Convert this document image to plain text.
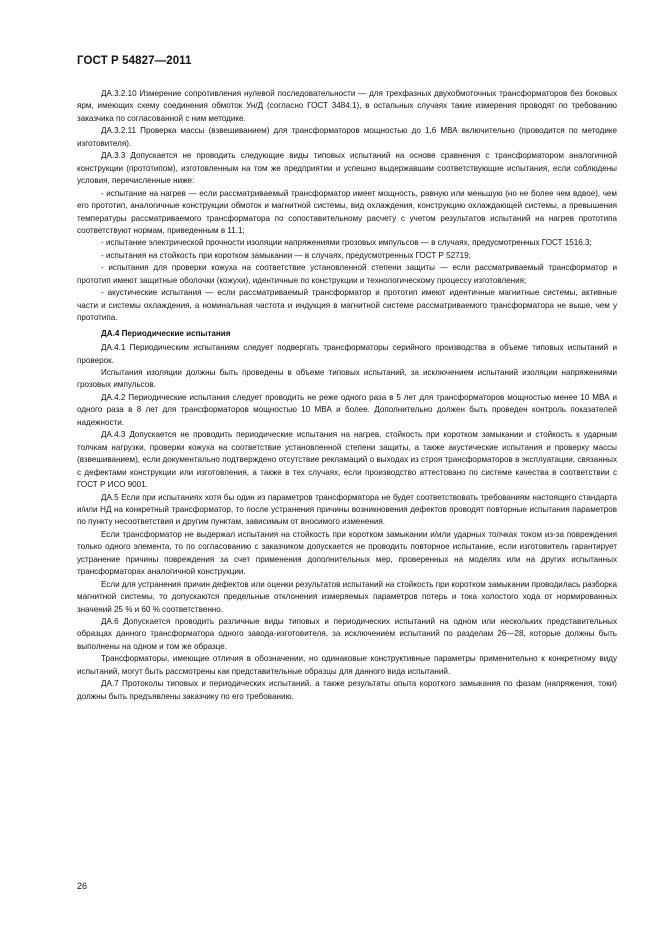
ГОСТ Р 54827—2011

ДА.3.2.10 Измерение сопротивления нулевой последовательности — для трехфазных двухобмоточных трансформаторов без боковых ярм, имеющих схему соединения обмоток Ун/Д (согласно ГОСТ 3484.1), в остальных случаях такие измерения проводят по требованию заказчика по согласованной с ним методике.

ДА.3.2.11 Проверка массы (взвешиванием) для трансформаторов мощностью до 1,6 МВА включительно (проводится по методике изготовителя).

ДА.3.3 Допускается не проводить следующие виды типовых испытаний на основе сравнения с трансформатором аналогичной конструкции (прототипом), изготовленным на том же предприятии и успешно выдержавшим соответствующие испытания, если соблюдены условия, перечисленные ниже:

- испытание на нагрев — если рассматриваемый трансформатор имеет мощность, равную или меньшую (но не более чем вдвое), чем его прототип, аналогичные конструкции обмоток и магнитной системы, вид охлаждения, конструкцию охлаждающей системы, а превышения температуры рассматриваемого трансформатора по сопоставительному расчету с учетом результатов испытаний на нагрев прототипа соответствуют нормам, приведенным в 11.1;

- испытание электрической прочности изоляции напряжениями грозовых импульсов — в случаях, предусмотренных ГОСТ 1516.3;

- испытания на стойкость при коротком замыкании — в случаях, предусмотренных ГОСТ Р 52719;

- испытания для проверки кожуха на соответствие установленной степени защиты — если рассматриваемый трансформатор и прототип имеют защитные оболочки (кожухи), идентичные по конструкции и технологическому процессу изготовления;

- акустические испытания — если рассматриваемый трансформатор и прототип имеют идентичные магнитные системы, активные части и системы охлаждения, а номинальная частота и индукция в магнитной системе рассматриваемого трансформатора не выше, чем у прототипа.

ДА.4 Периодические испытания

ДА.4.1 Периодическим испытаниям следует подвергать трансформаторы серийного производства в объеме типовых испытаний и проверок.

Испытания изоляции должны быть проведены в объеме типовых испытаний, за исключением испытаний изоляции напряжениями грозовых импульсов.

ДА.4.2 Периодические испытания следует проводить не реже одного раза в 5 лет для трансформаторов мощностью менее 10 МВА и одного раза в 8 лет для трансформаторов мощностью 10 МВА и более. Дополнительно должен быть проведен контроль показателей надежности.

ДА.4.3 Допускается не проводить периодические испытания на нагрев, стойкость при коротком замыкании и стойкость к ударным толчкам нагрузки, проверки кожуха на соответствие установленной степени защиты, а также акустические испытания и проверку массы (взвешиванием), если документально подтверждено отсутствие рекламаций о выходах из строя трансформаторов в эксплуатации, связанных с дефектами конструкции или изготовления, а также в тех случаях, если производство аттестовано по системе качества в соответствии с ГОСТ Р ИСО 9001.

ДА.5 Если при испытаниях хотя бы один из параметров трансформатора не будет соответствовать требованиям настоящего стандарта и/или НД на конкретный трансформатор, то после устранения причины возникновения дефектов проводят повторные испытания параметров по пункту несоответствия и другим пунктам, зависимым от вносимого изменения.

Если трансформатор не выдержал испытания на стойкость при коротком замыкании и/или ударных толчках током из-за повреждения только одного элемента, то по согласованию с заказчиком допускается не проводить повторное испытание, если изготовитель гарантирует устранение причины повреждения за счет применения дополнительных мер, проверенных на моделях или на других испытанных трансформаторах аналогичной конструкции.

Если для устранения причин дефектов или оценки результатов испытаний на стойкость при коротком замыкании проводилась разборка магнитной системы, то допускаются предельные отклонения измеряемых параметров потерь и тока холостого хода от нормированных значений 25 % и 60 % соответственно.

ДА.6 Допускается проводить различные виды типовых и периодических испытаний на одном или нескольких представительных образцах данного трансформатора одного завода-изготовителя, за исключением испытаний по разделам 26—28, которые должны быть выполнены на одном и том же образце.

Трансформаторы, имеющие отличия в обозначении, но одинаковые конструктивные параметры применительно к конкретному виду испытаний, могут быть рассмотрены как представительные образцы для данного вида испытаний.

ДА.7 Протоколы типовых и периодических испытаний, а также результаты опыта короткого замыкания по фазам (напряжения, токи) должны быть предъявлены заказчику по его требованию.

26
